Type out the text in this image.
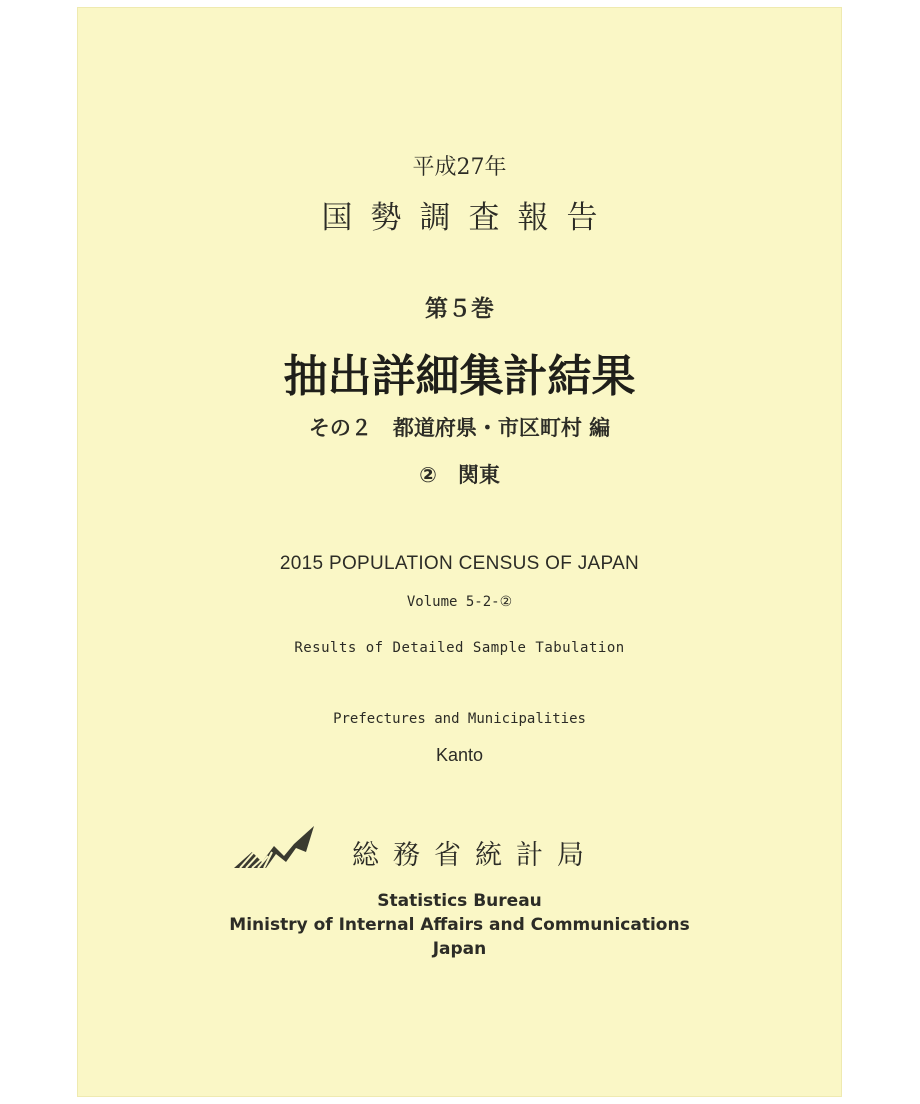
平成27年
国勢調査報告
第５巻
抽出詳細集計結果
その２　都道府県・市区町村 編
②　関東
2015 POPULATION CENSUS OF JAPAN
Volume 5-2-②
Results of Detailed Sample Tabulation
Prefectures and Municipalities
Kanto
総務省統計局
Statistics Bureau
Ministry of Internal Affairs and Communications
Japan
